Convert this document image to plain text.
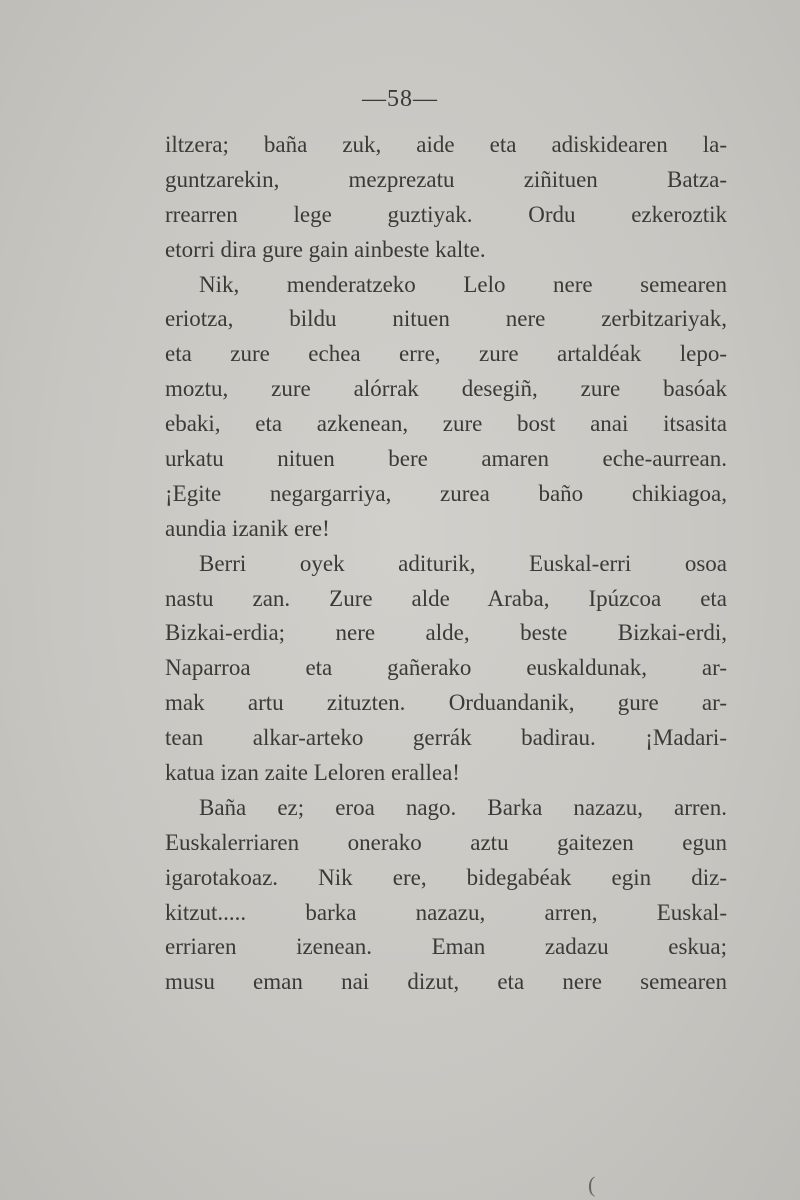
—58—
iltzera; baña zuk, aide eta adiskidearen la-
guntzarekin, mezprezatu ziñituen Batza-
rrearren lege guztiyak. Ordu ezkeroztik
etorri dira gure gain ainbeste kalte.
Nik, menderatzeko Lelo nere semearen
eriotza, bildu nituen nere zerbitzariyak,
eta zure echea erre, zure artaldéak lepo-
moztu, zure alórrak desegiñ, zure basóak
ebaki, eta azkenean, zure bost anai itsasita
urkatu nituen bere amaren eche-aurrean.
¡Egite negargarriya, zurea baño chikiagoa,
aundia izanik ere!
Berri oyek aditurik, Euskal-erri osoa
nastu zan. Zure alde Araba, Ipúzcoa eta
Bizkai-erdia; nere alde, beste Bizkai-erdi,
Naparroa eta gañerako euskaldunak, ar-
mak artu zituzten. Orduandanik, gure ar-
tean alkar-arteko gerrák badirau. ¡Madari-
katua izan zaite Leloren erallea!
Baña ez; eroa nago. Barka nazazu, arren.
Euskalerriaren onerako aztu gaitezen egun
igarotakoaz. Nik ere, bidegabéak egin diz-
kitzut..... barka nazazu, arren, Euskal-
erriaren izenean. Eman zadazu eskua;
musu eman nai dizut, eta nere semearen
(
